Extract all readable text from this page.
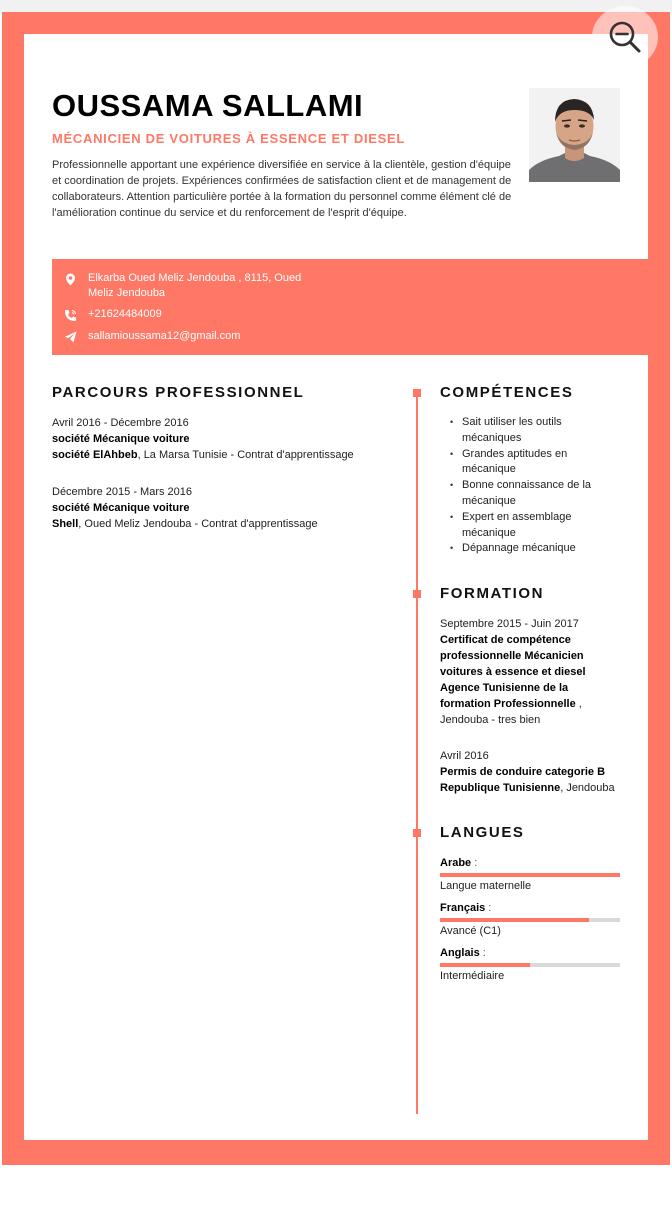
OUSSAMA SALLAMI
MÉCANICIEN DE VOITURES À ESSENCE ET DIESEL
Professionnelle apportant une expérience diversifiée en service à la clientèle, gestion d'équipe et coordination de projets. Expériences confirmées de satisfaction client et de management de collaborateurs. Attention particulière portée à la formation du personnel comme élément clé de l'amélioration continue du service et du renforcement de l'esprit d'équipe.
Elkarba Oued Meliz Jendouba , 8115, Oued Meliz Jendouba
+21624484009
sallamioussama12@gmail.com
PARCOURS PROFESSIONNEL
Avril 2016 - Décembre 2016
société Mécanique voiture
société ElAhbeb, La Marsa Tunisie - Contrat d'apprentissage
Décembre 2015 - Mars 2016
société Mécanique voiture
Shell, Oued Meliz Jendouba - Contrat d'apprentissage
COMPÉTENCES
• Sait utiliser les outils mécaniques
• Grandes aptitudes en mécanique
• Bonne connaissance de la mécanique
• Expert en assemblage mécanique
• Dépannage mécanique
FORMATION
Septembre 2015 - Juin 2017
Certificat de compétence professionnelle Mécanicien voitures à essence et diesel
Agence Tunisienne de la formation Professionnelle , Jendouba - tres bien
Avril 2016
Permis de conduire categorie B
Republique Tunisienne, Jendouba
LANGUES
Arabe :
Langue maternelle
Français :
Avancé (C1)
Anglais :
Intermédiaire
